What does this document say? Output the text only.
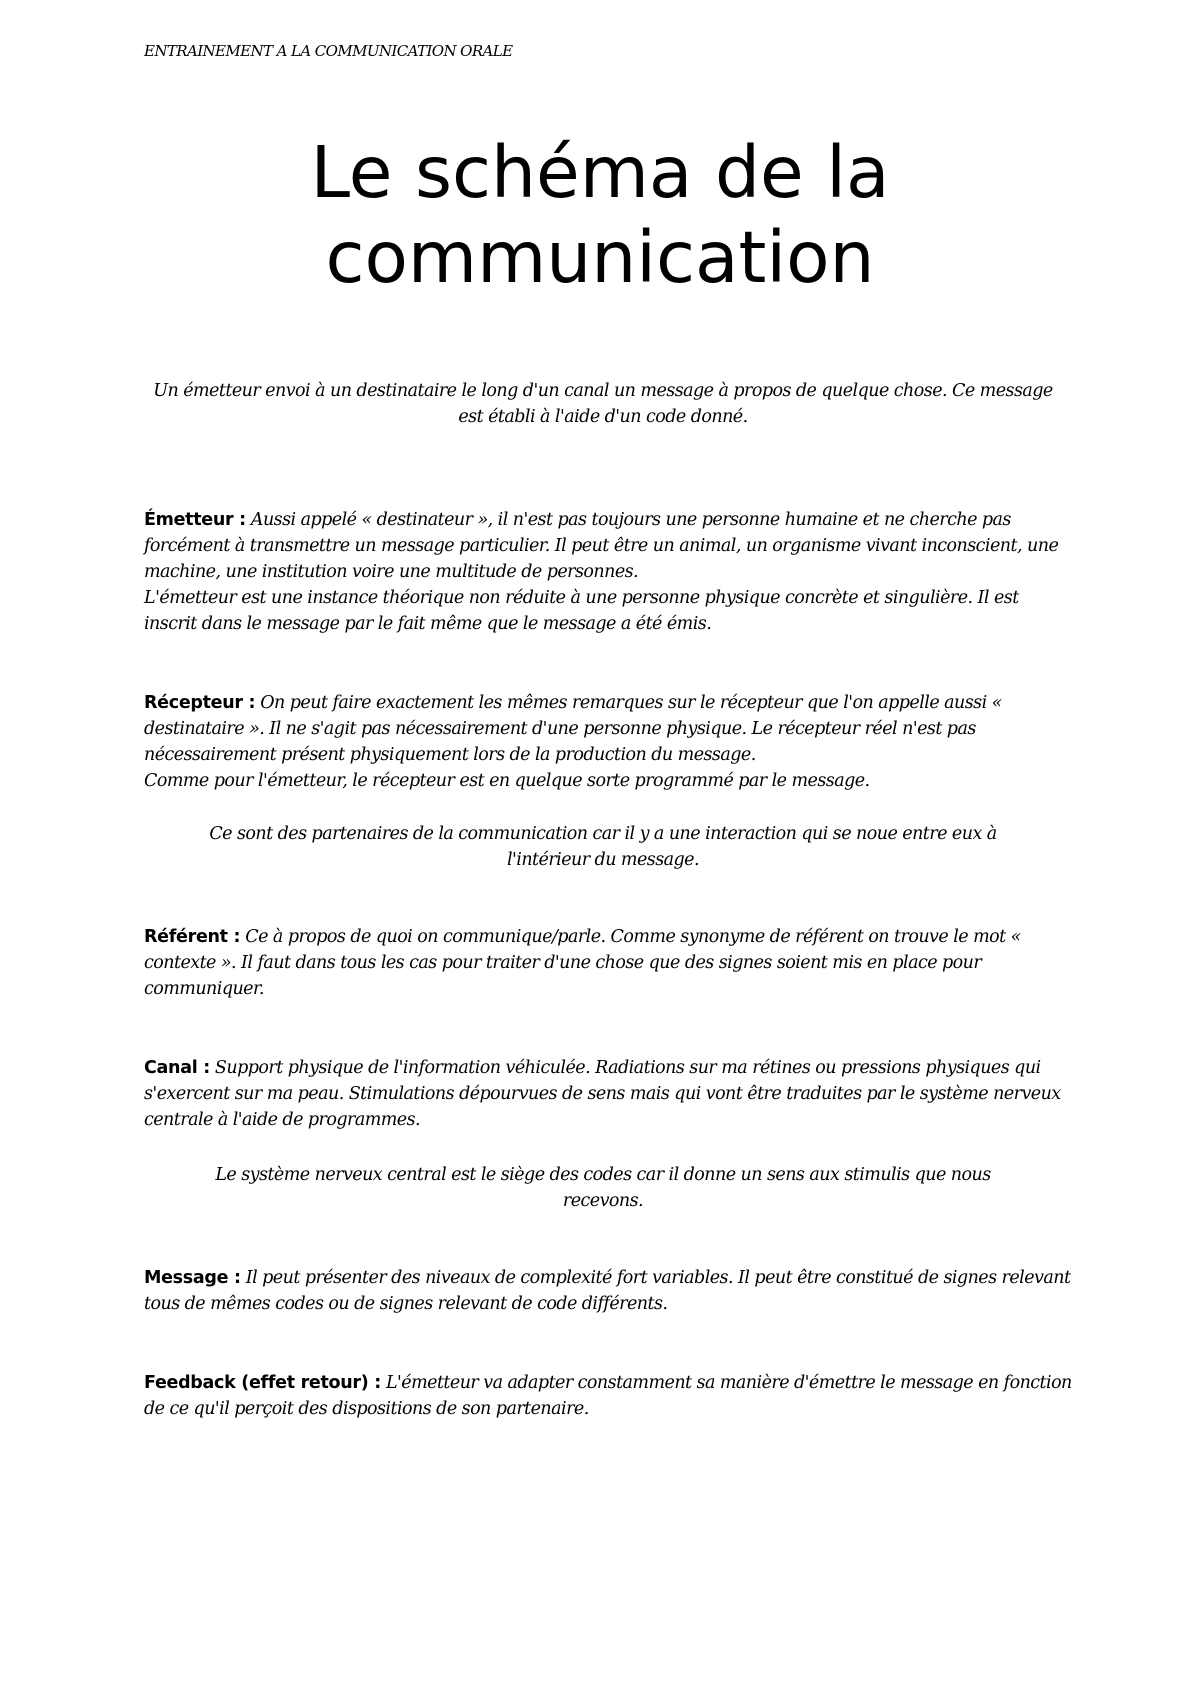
ENTRAINEMENT A LA COMMUNICATION ORALE
Le schéma de la communication

Un émetteur envoi à un destinataire le long d'un canal un message à propos de quelque chose. Ce message est établi à l'aide d'un code donné.

Émetteur : Aussi appelé « destinateur », il n'est pas toujours une personne humaine et ne cherche pas forcément à transmettre un message particulier. Il peut être un animal, un organisme vivant inconscient, une machine, une institution voire une multitude de personnes.
L'émetteur est une instance théorique non réduite à une personne physique concrète et singulière. Il est inscrit dans le message par le fait même que le message a été émis.
Récepteur : On peut faire exactement les mêmes remarques sur le récepteur que l'on appelle aussi « destinataire ». Il ne s'agit pas nécessairement d'une personne physique. Le récepteur réel n'est pas nécessairement présent physiquement lors de la production du message.
Comme pour l'émetteur, le récepteur est en quelque sorte programmé par le message.

Ce sont des partenaires de la communication car il y a une interaction qui se noue entre eux à l'intérieur du message.

Référent : Ce à propos de quoi on communique/parle. Comme synonyme de référent on trouve le mot « contexte ». Il faut dans tous les cas pour traiter d'une chose que des signes soient mis en place pour communiquer.
Canal : Support physique de l'information véhiculée. Radiations sur ma rétines ou pressions physiques qui s'exercent sur ma peau. Stimulations dépourvues de sens mais qui vont être traduites par le système nerveux centrale à l'aide de programmes.

Le système nerveux central est le siège des codes car il donne un sens aux stimulis que nous recevons.

Message : Il peut présenter des niveaux de complexité fort variables. Il peut être constitué de signes relevant tous de mêmes codes ou de signes relevant de code différents.
Feedback (effet retour) : L'émetteur va adapter constamment sa manière d'émettre le message en fonction de ce qu'il perçoit des dispositions de son partenaire.
